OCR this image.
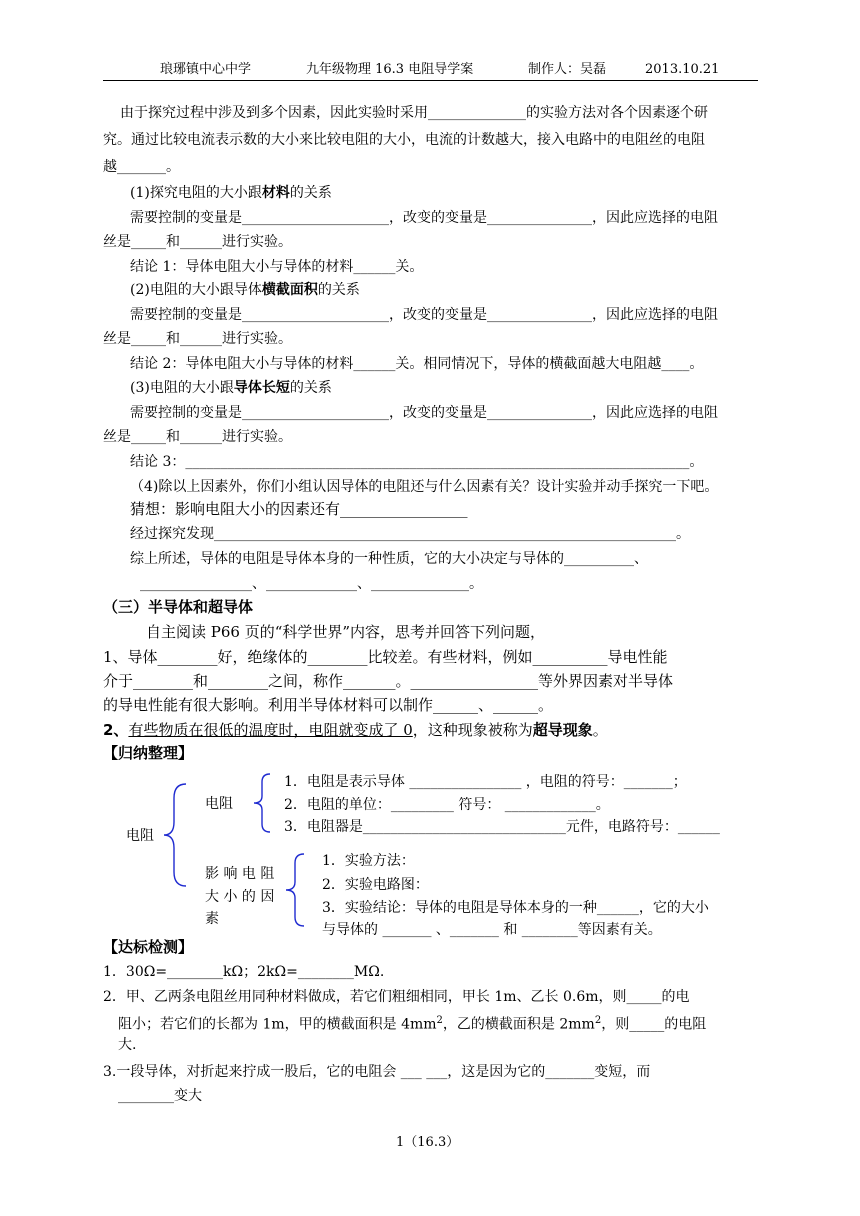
琅琊镇中心中学	九年级物理 16.3 电阻导学案	制作人：吴磊	2013.10.21
由于探究过程中涉及到多个因素，因此实验时采用______________的实验方法对各个因素逐个研
究。通过比较电流表示数的大小来比较电阻的大小，电流的计数越大，接入电路中的电阻丝的电阻
越_______。
(1)探究电阻的大小跟材料的关系
需要控制的变量是_____________________，改变的变量是_______________，因此应选择的电阻
丝是_____和______进行实验。
结论 1：导体电阻大小与导体的材料______关。
(2)电阻的大小跟导体横截面积的关系
需要控制的变量是_____________________，改变的变量是_______________，因此应选择的电阻
丝是_____和______进行实验。
结论 2：导体电阻大小与导体的材料______关。相同情况下，导体的横截面越大电阻越____。
(3)电阻的大小跟导体长短的关系
需要控制的变量是_____________________，改变的变量是_______________，因此应选择的电阻
丝是_____和______进行实验。
结论 3：________________________________________________________________________。
（4)除以上因素外，你们小组认因导体的电阻还与什么因素有关？设计实验并动手探究一下吧。
猜想：影响电阻大小的因素还有_________________
经过探究发现__________________________________________________________________。
综上所述，导体的电阻是导体本身的一种性质，它的大小决定与导体的__________、
________________、_____________、______________。
（三）半导体和超导体
自主阅读 P66 页的“科学世界”内容，思考并回答下列问题，
1、导体________好，绝缘体的________比较差。有些材料，例如__________导电性能
介于________和________之间，称作_______。_________________等外界因素对半导体
的导电性能有很大影响。利用半导体材料可以制作______、______。
2、有些物质在很低的温度时，电阻就变成了 0，这种现象被称为超导现象。
【归纳整理】
电阻
电阻
1．电阻是表示导体 ________________ ，电阻的符号：_______；
2．电阻的单位：_________ 符号： _____________。
3．电阻器是_____________________________元件，电路符号：______
影 响 电 阻
大 小 的 因
素
1．实验方法：
2．实验电路图：
3．实验结论：导体的电阻是导体本身的一种______，它的大小
与导体的 _______ 、_______ 和 ________等因素有关。
【达标检测】
1．30Ω=________kΩ；2kΩ=________MΩ.
2．甲、乙两条电阻丝用同种材料做成，若它们粗细相同，甲长 1m、乙长 0.6m，则_____的电
阻小；若它们的长都为 1m，甲的横截面积是 $4mm^2$，乙的横截面积是 $2mm^2$，则_____的电阻
大.
3.一段导体，对折起来拧成一股后，它的电阻会 ___ ___，这是因为它的_______变短，而
________变大
1（16.3）
